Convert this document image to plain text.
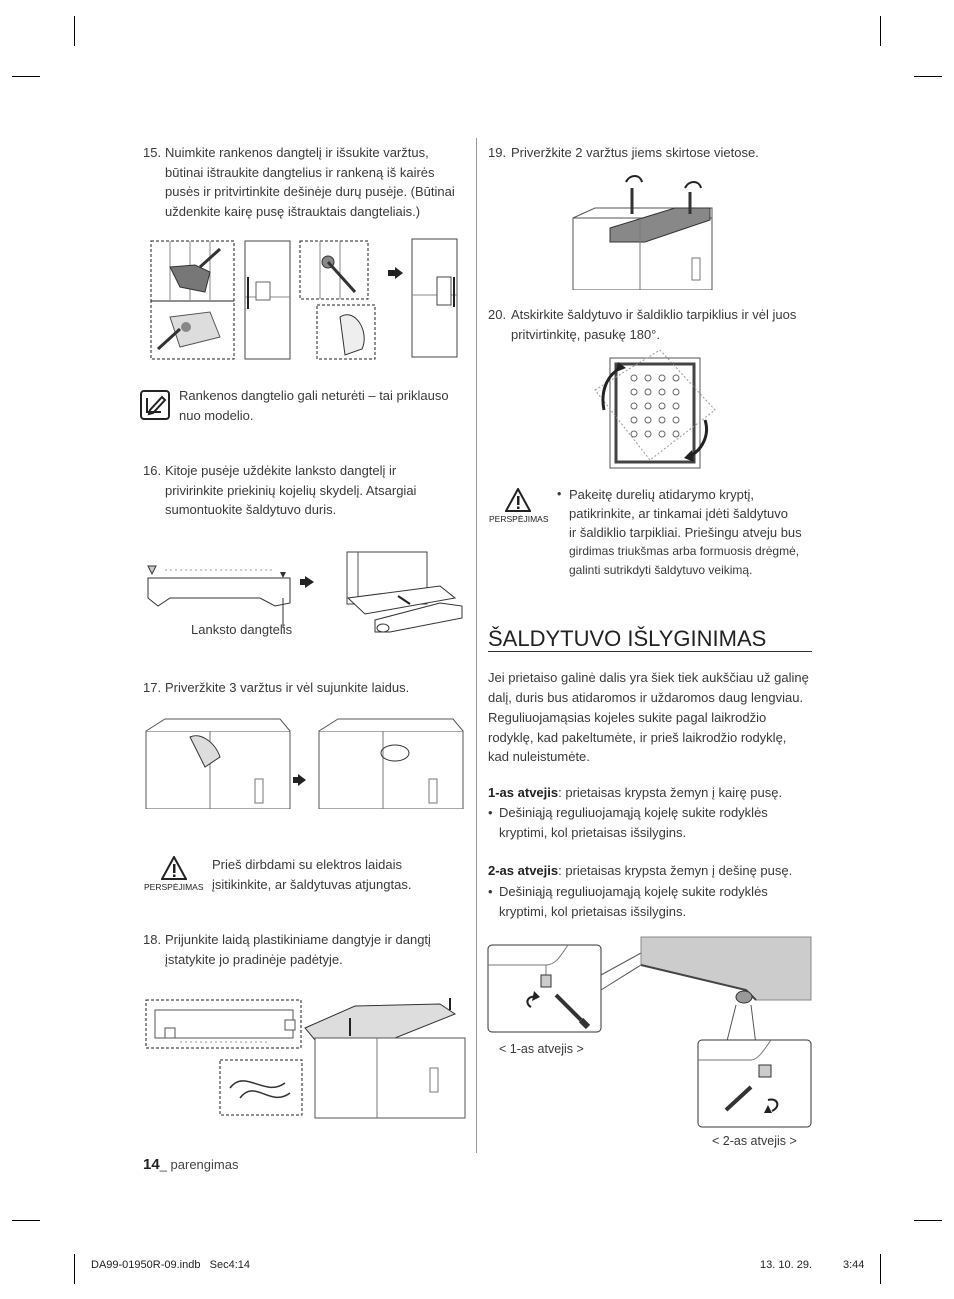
15. Nuimkite rankenos dangtelį ir išsukite varžtus,
būtinai ištraukite dangtelius ir rankeną iš kairės
pusės ir pritvirtinkite dešinėje durų pusėje. (Būtinai
uždenkite kairę pusę ištrauktais dangteliais.)
Rankenos dangtelio gali neturėti – tai priklauso
nuo modelio.
16. Kitoje pusėje uždėkite lanksto dangtelį ir
privirinkite priekinių kojelių skydelį. Atsargiai
sumontuokite šaldytuvo duris.
Lanksto dangtelis
17. Priveržkite 3 varžtus ir vėl sujunkite laidus.
PERSPĖJIMAS
Prieš dirbdami su elektros laidais
įsitikinkite, ar šaldytuvas atjungtas.
18. Prijunkite laidą plastikiniame dangtyje ir dangtį
įstatykite jo pradinėje padėtyje.
14_ parengimas
19. Priveržkite 2 varžtus jiems skirtose vietose.
20. Atskirkite šaldytuvo ir šaldiklio tarpiklius ir vėl juos
pritvirtinkitę, pasukę 180°.
PERSPĖJIMAS
• Pakeitę durelių atidarymo kryptį,
patikrinkite, ar tinkamai įdėti šaldytuvo
ir šaldiklio tarpikliai. Priešingu atveju bus
girdimas triukšmas arba formuosis drėgmė,
galinti sutrikdyti šaldytuvo veikimą.
ŠALDYTUVO IŠLYGINIMAS
Jei prietaiso galinė dalis yra šiek tiek aukščiau už galinę
dalį, duris bus atidaromos ir uždaromos daug lengviau.
Reguliuojamąsias kojeles sukite pagal laikrodžio
rodyklę, kad pakeltumėte, ir prieš laikrodžio rodyklę,
kad nuleistumėte.
1-as atvejis: prietaisas krypsta žemyn į kairę pusę.
• Dešiniąją reguliuojamąją kojelę sukite rodyklės
kryptimi, kol prietaisas išsilygins.
2-as atvejis: prietaisas krypsta žemyn į dešinę pusę.
• Dešiniąją reguliuojamąją kojelę sukite rodyklės
kryptimi, kol prietaisas išsilygins.
< 1-as atvejis >
< 2-as atvejis >
DA99-01950R-09.indb   Sec4:14	13. 10. 29.	3:44
